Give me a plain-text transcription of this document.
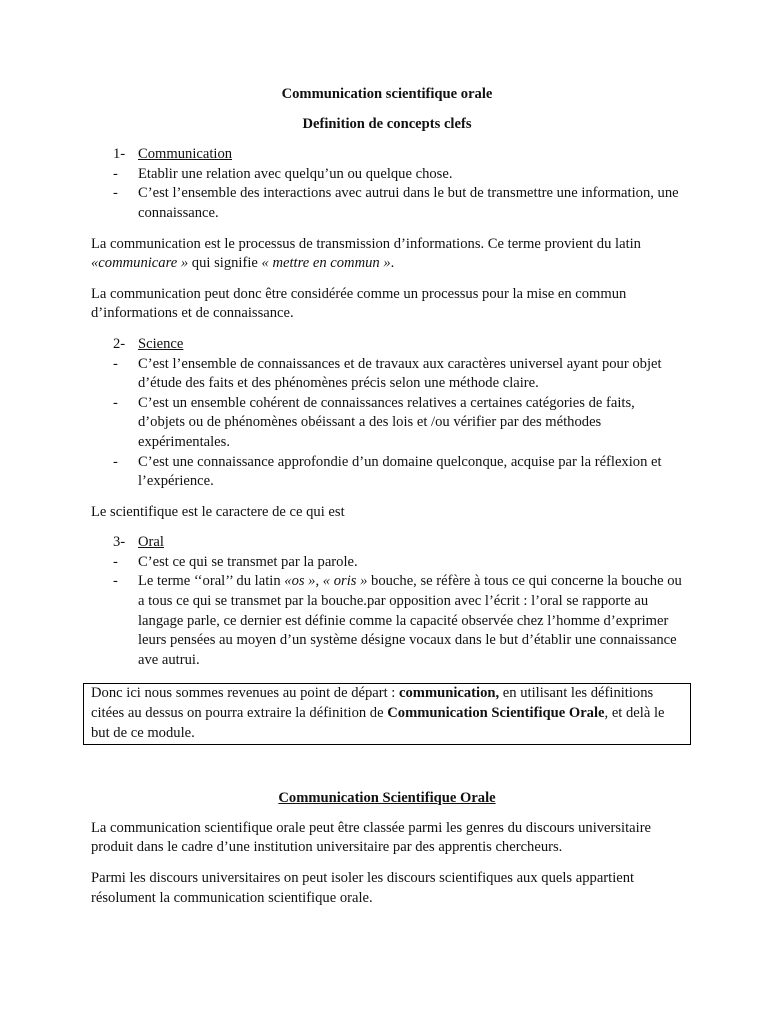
Communication scientifique orale

Definition de concepts clefs

1- Communication
- Etablir une relation avec quelqu’un ou quelque chose.
- C’est l’ensemble des interactions avec autrui dans le but de transmettre une information, une connaissance.

La communication est le processus de transmission d’informations. Ce terme provient du latin «communicare » qui signifie « mettre en commun ».

La communication peut donc être considérée comme un processus pour la mise en commun d’informations et de connaissance.

2- Science
- C’est l’ensemble de connaissances et de travaux aux caractères universel ayant pour objet d’étude des faits et des phénomènes précis selon une méthode claire.
- C’est un ensemble cohérent de connaissances relatives a certaines catégories de faits, d’objets ou de phénomènes obéissant a des lois et /ou vérifier par des méthodes expérimentales.
- C’est une connaissance approfondie d’un domaine quelconque, acquise par la réflexion et l’expérience.

Le scientifique est le caractere de ce qui est

3- Oral
- C’est ce qui se transmet par la parole.
- Le terme ‘‘oral’’ du latin «os », « oris » bouche, se réfère à tous ce qui concerne la bouche ou a tous ce qui se transmet par la bouche.par opposition avec l’écrit : l’oral se rapporte au langage parle, ce dernier est définie comme la capacité observée chez l’homme d’exprimer leurs pensées au moyen d’un système désigne vocaux dans le but d’établir une connaissance ave autrui.
Donc ici nous sommes revenues au point de départ : communication, en utilisant les définitions citées au dessus on pourra extraire la définition de Communication Scientifique Orale, et delà le but de ce module.

Communication Scientifique Orale

La communication scientifique orale peut être classée parmi les genres du discours universitaire produit dans le cadre d’une institution universitaire par des apprentis chercheurs.

Parmi les discours universitaires on peut isoler les discours scientifiques aux quels appartient résolument la communication scientifique orale.
